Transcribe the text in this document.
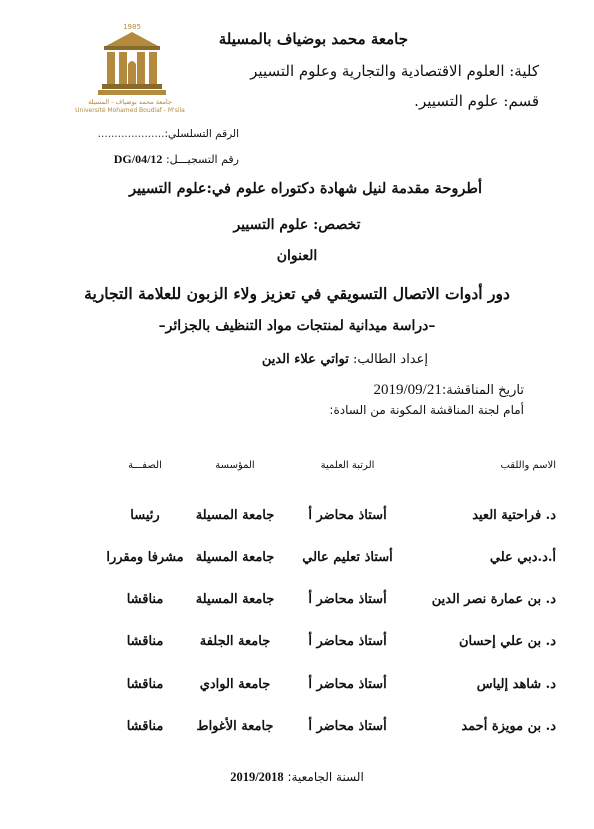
1985
جامعة محمد بوضياف - المسيلة
Université Mohamed Boudiaf - M'sila
جامعة محمد بوضياف بالمسيلة
كلية: العلوم الاقتصادية والتجارية وعلوم التسيير
قسم: علوم التسيير.
الرقم التسلسلي:....................
رقم التسجيـــل: DG/04/12
أطروحة مقدمة لنيل شهادة دكتوراه علوم في:علوم التسيير
تخصص: علوم التسيير
العنوان
دور أدوات الاتصال التسويقي في تعزيز ولاء الزبون للعلامة التجارية
–دراسة ميدانية لمنتجات مواد التنظيف بالجزائر–
إعداد الطالب: تواتي علاء الدين
تاريخ المناقشة:2019/09/21
أمام لجنة المناقشة المكونة من السادة:
الاسم واللقب
الرتبة العلمية
المؤسسة
الصفـــة
د. فراحتية العيد
أستاذ محاضر أ
جامعة المسيلة
رئيسا
أ.د.دبي علي
أستاذ تعليم عالي
جامعة المسيلة
مشرفا ومقررا
د. بن عمارة نصر الدين
أستاذ محاضر أ
جامعة المسيلة
مناقشا
د. بن علي إحسان
أستاذ محاضر أ
جامعة الجلفة
مناقشا
د. شاهد إلياس
أستاذ محاضر أ
جامعة الوادي
مناقشا
د. بن مويزة أحمد
أستاذ محاضر أ
جامعة الأغواط
مناقشا
السنة الجامعية: 2019/2018
